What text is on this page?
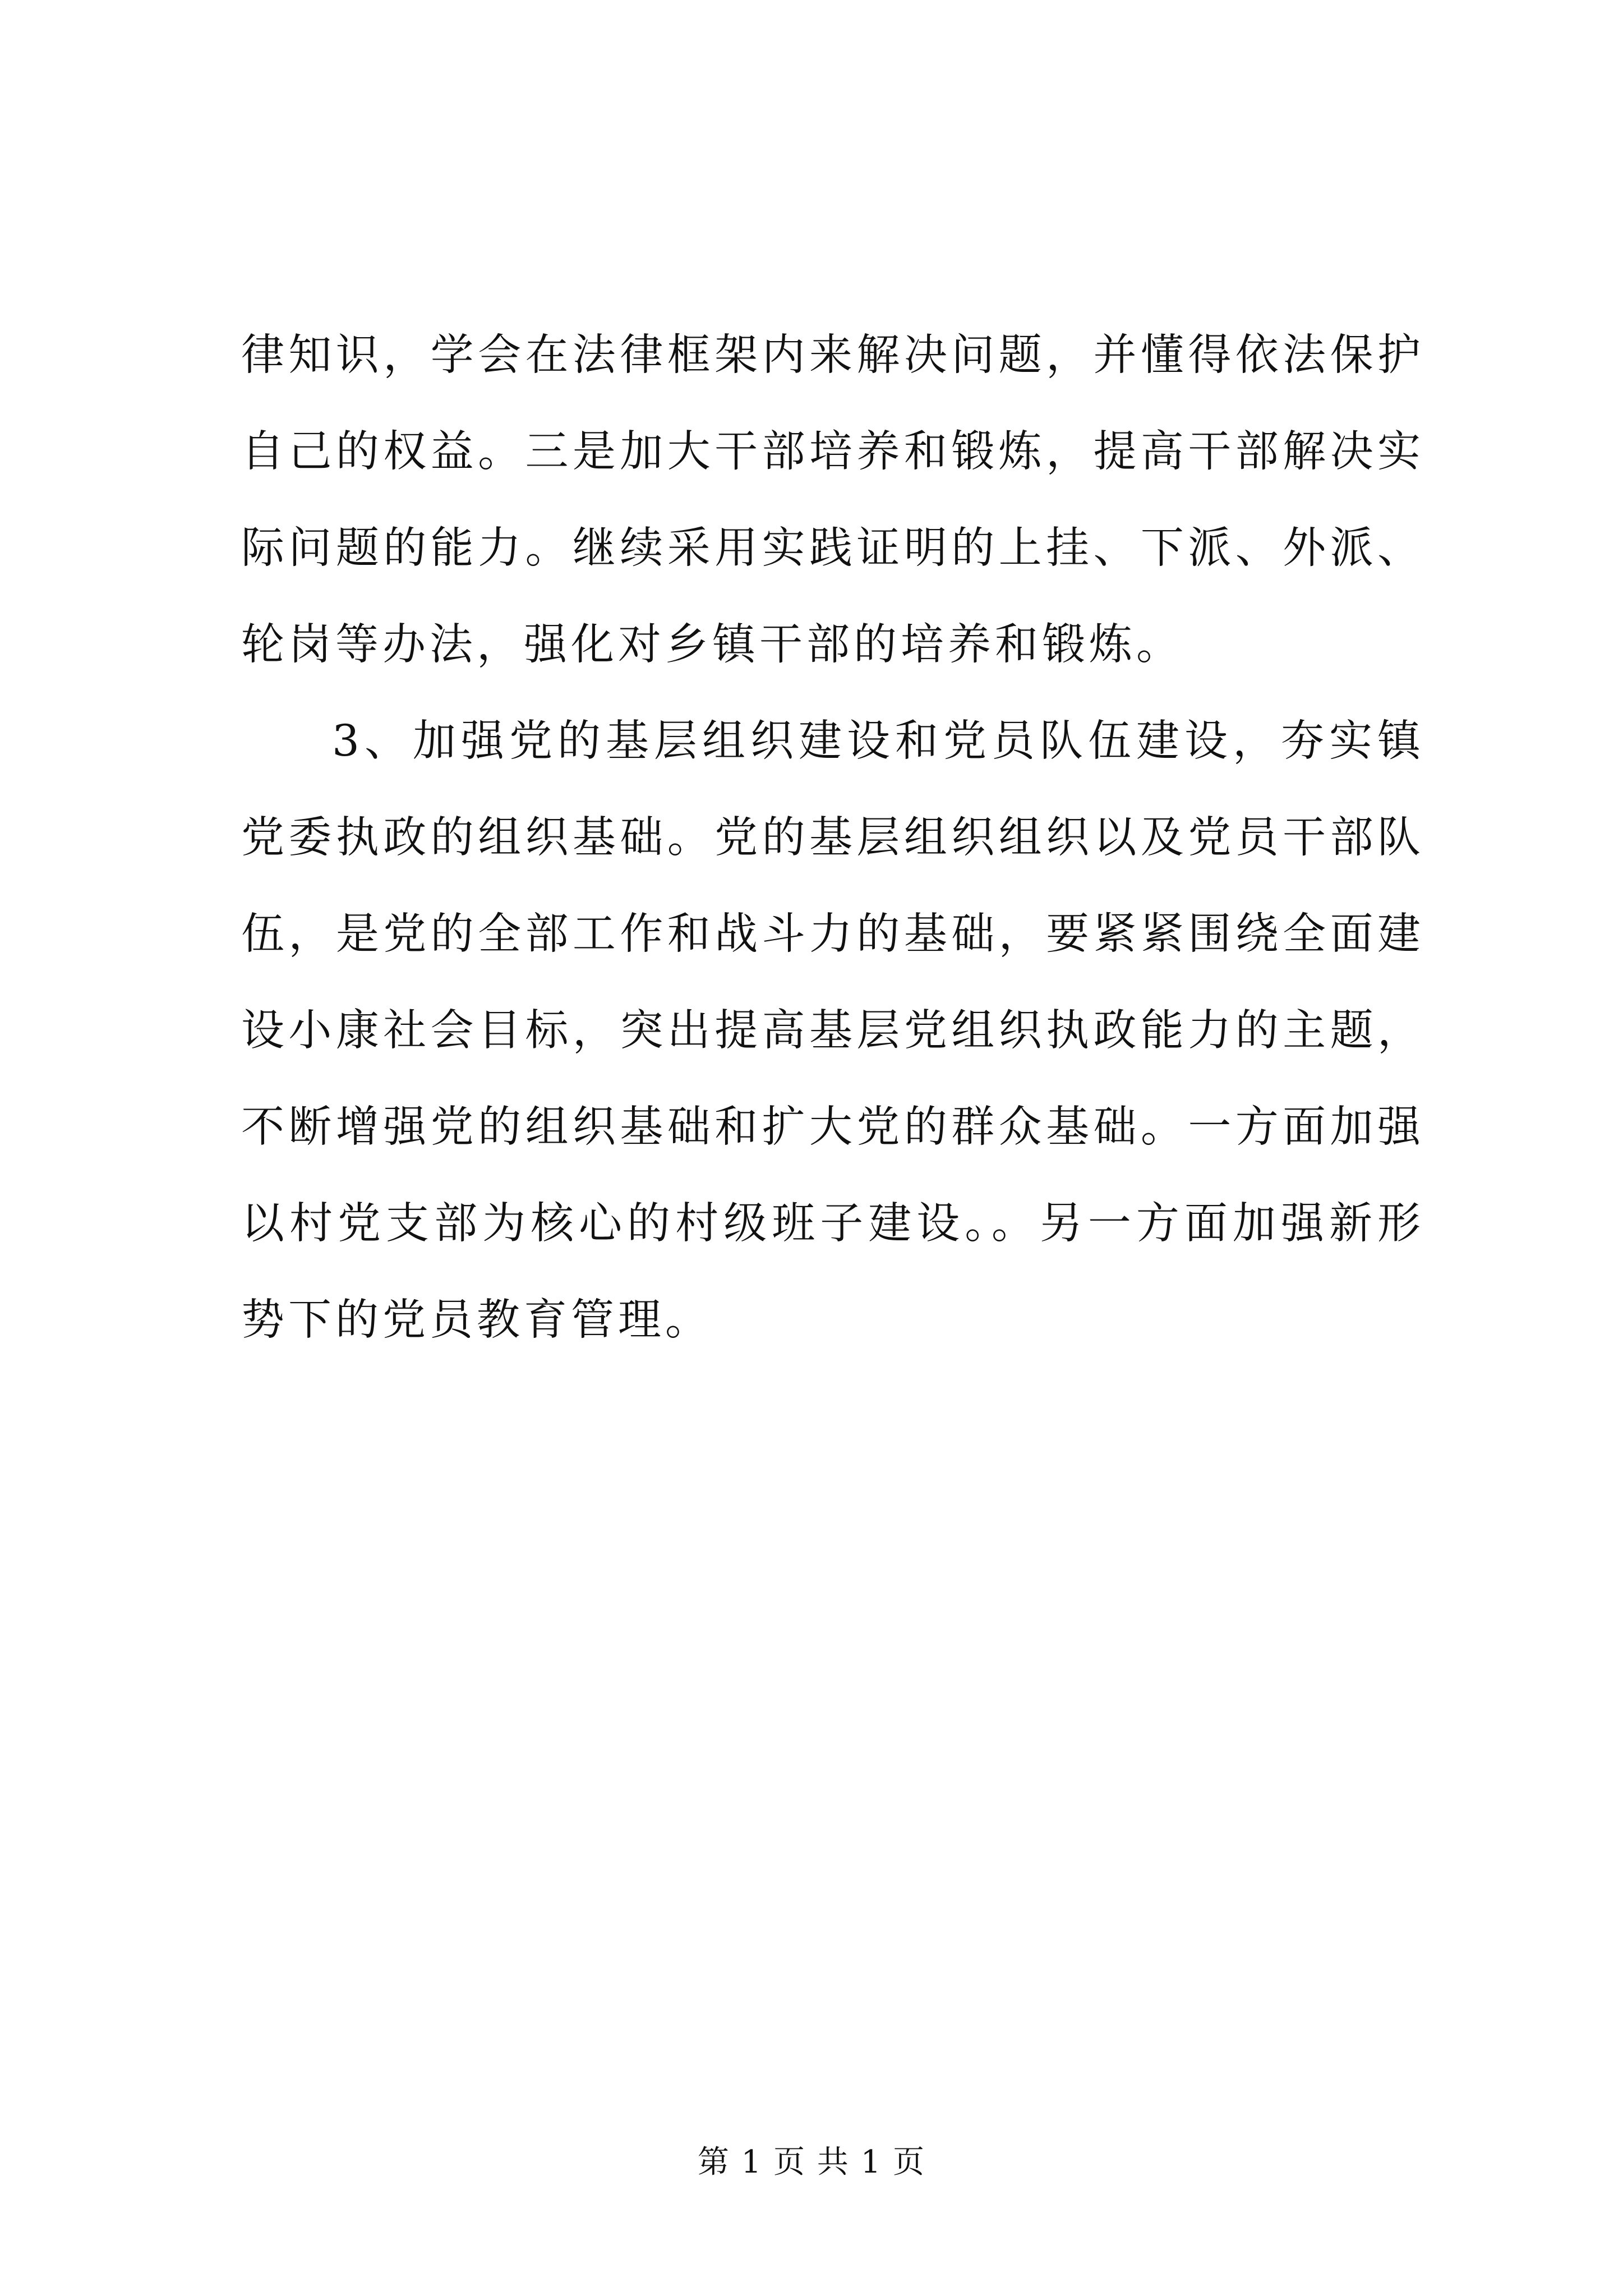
律知识，学会在法律框架内来解决问题，并懂得依法保护自己的权益。三是加大干部培养和锻炼，提高干部解决实际问题的能力。继续采用实践证明的上挂、下派、外派、轮岗等办法，强化对乡镇干部的培养和锻炼。

3、加强党的基层组织建设和党员队伍建设，夯实镇党委执政的组织基础。党的基层组织组织以及党员干部队伍，是党的全部工作和战斗力的基础，要紧紧围绕全面建设小康社会目标，突出提高基层党组织执政能力的主题，不断增强党的组织基础和扩大党的群众基础。一方面加强以村党支部为核心的村级班子建设。。另一方面加强新形势下的党员教育管理。

第 1 页 共 1 页
